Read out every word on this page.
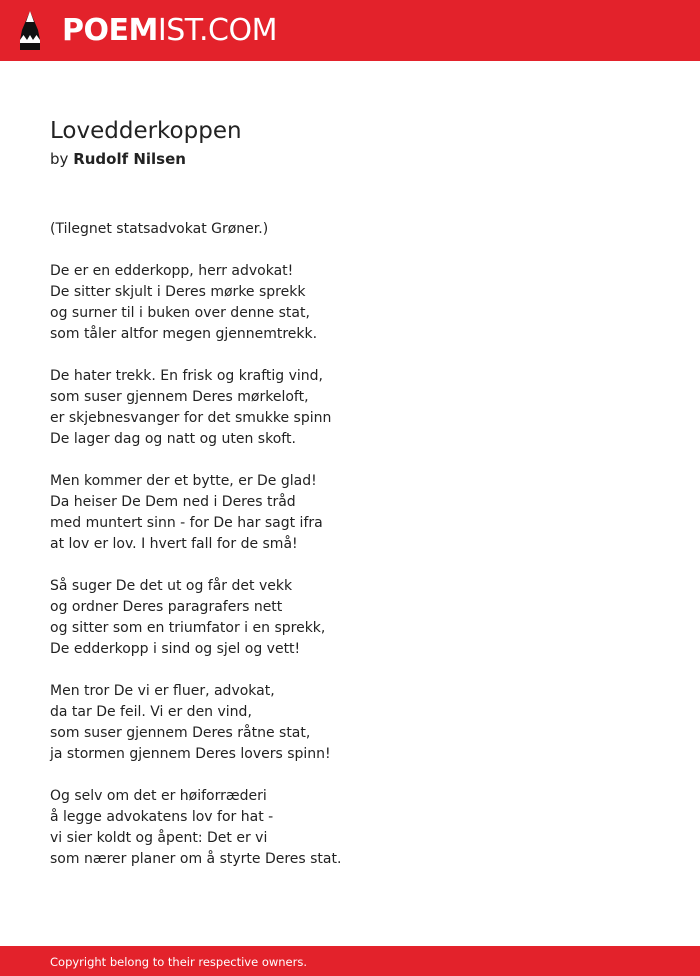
POEMIST.COM
Lovedderkoppen
by Rudolf Nilsen
(Tilegnet statsadvokat Grøner.)
De er en edderkopp, herr advokat!
De sitter skjult i Deres mørke sprekk
og surner til i buken over denne stat,
som tåler altfor megen gjennemtrekk.
De hater trekk. En frisk og kraftig vind,
som suser gjennem Deres mørkeloft,
er skjebnesvanger for det smukke spinn
De lager dag og natt og uten skoft.
Men kommer der et bytte, er De glad!
Da heiser De Dem ned i Deres tråd
med muntert sinn - for De har sagt ifra
at lov er lov. I hvert fall for de små!
Så suger De det ut og får det vekk
og ordner Deres paragrafers nett
og sitter som en triumfator i en sprekk,
De edderkopp i sind og sjel og vett!
Men tror De vi er fluer, advokat,
da tar De feil. Vi er den vind,
som suser gjennem Deres råtne stat,
ja stormen gjennem Deres lovers spinn!
Og selv om det er høiforræderi
å legge advokatens lov for hat -
vi sier koldt og åpent: Det er vi
som nærer planer om å styrte Deres stat.
Copyright belong to their respective owners.
